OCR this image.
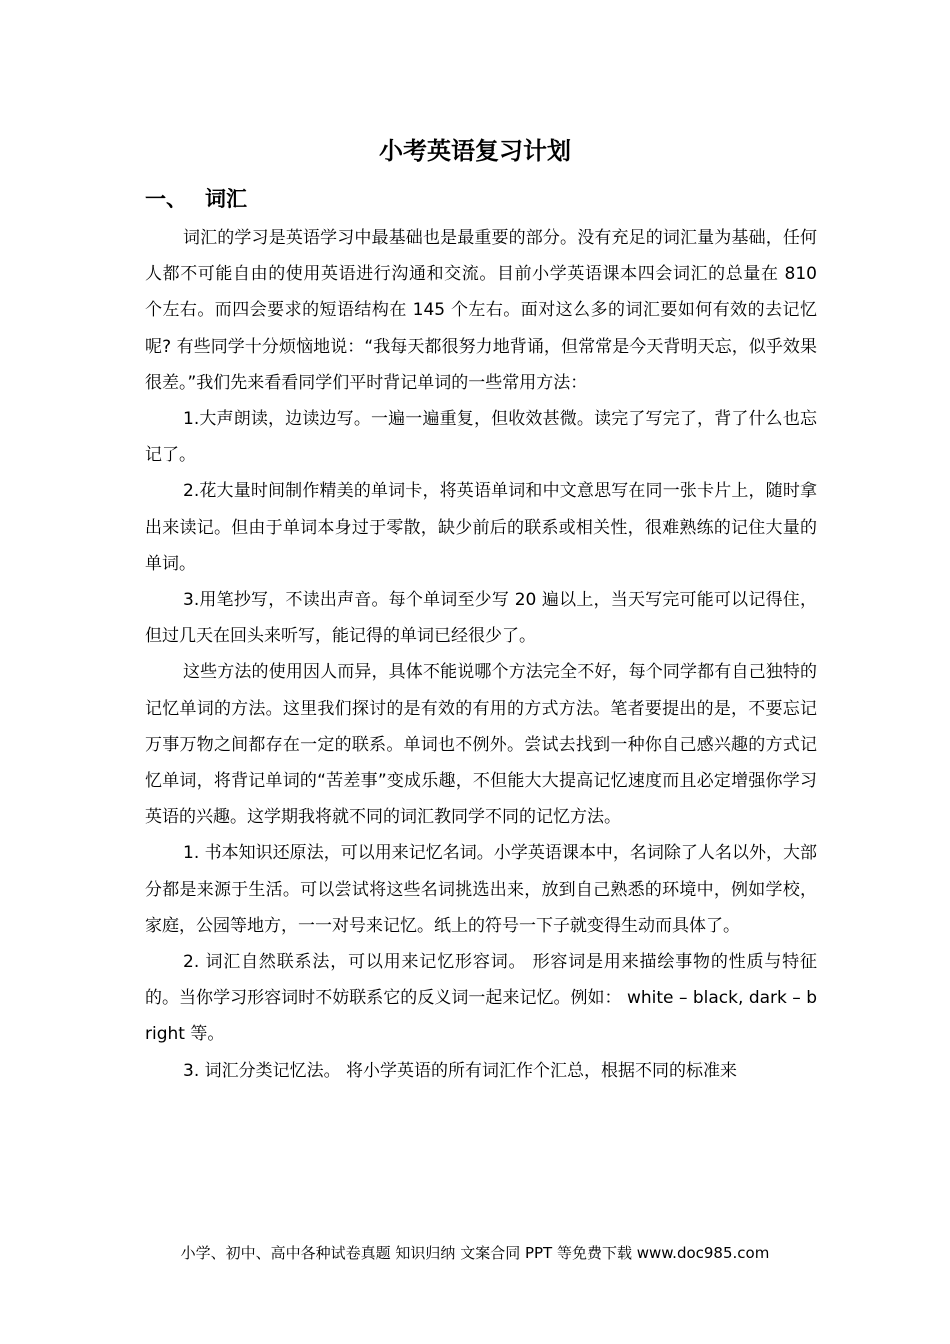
小考英语复习计划
一、 词汇

词汇的学习是英语学习中最基础也是最重要的部分。没有充足的词汇量为基础，任何人都不可能自由的使用英语进行沟通和交流。目前小学英语课本四会词汇的总量在 810 个左右。而四会要求的短语结构在 145 个左右。面对这么多的词汇要如何有效的去记忆呢? 有些同学十分烦恼地说：“我每天都很努力地背诵，但常常是今天背明天忘，似乎效果很差。”我们先来看看同学们平时背记单词的一些常用方法：

1.大声朗读，边读边写。一遍一遍重复，但收效甚微。读完了写完了，背了什么也忘记了。

2.花大量时间制作精美的单词卡，将英语单词和中文意思写在同一张卡片上，随时拿出来读记。但由于单词本身过于零散，缺少前后的联系或相关性，很难熟练的记住大量的单词。

3.用笔抄写，不读出声音。每个单词至少写 20 遍以上，当天写完可能可以记得住，但过几天在回头来听写，能记得的单词已经很少了。

这些方法的使用因人而异，具体不能说哪个方法完全不好，每个同学都有自己独特的记忆单词的方法。这里我们探讨的是有效的有用的方式方法。笔者要提出的是，不要忘记万事万物之间都存在一定的联系。单词也不例外。尝试去找到一种你自己感兴趣的方式记忆单词，将背记单词的“苦差事”变成乐趣，不但能大大提高记忆速度而且必定增强你学习英语的兴趣。这学期我将就不同的词汇教同学不同的记忆方法。

1. 书本知识还原法，可以用来记忆名词。小学英语课本中，名词除了人名以外，大部分都是来源于生活。可以尝试将这些名词挑选出来，放到自己熟悉的环境中，例如学校，家庭，公园等地方，一一对号来记忆。纸上的符号一下子就变得生动而具体了。

2. 词汇自然联系法，可以用来记忆形容词。 形容词是用来描绘事物的性质与特征的。当你学习形容词时不妨联系它的反义词一起来记忆。例如： white – black, dark – bright 等。

3. 词汇分类记忆法。 将小学英语的所有词汇作个汇总，根据不同的标准来

小学、初中、高中各种试卷真题 知识归纳 文案合同 PPT 等免费下载 www.doc985.com
